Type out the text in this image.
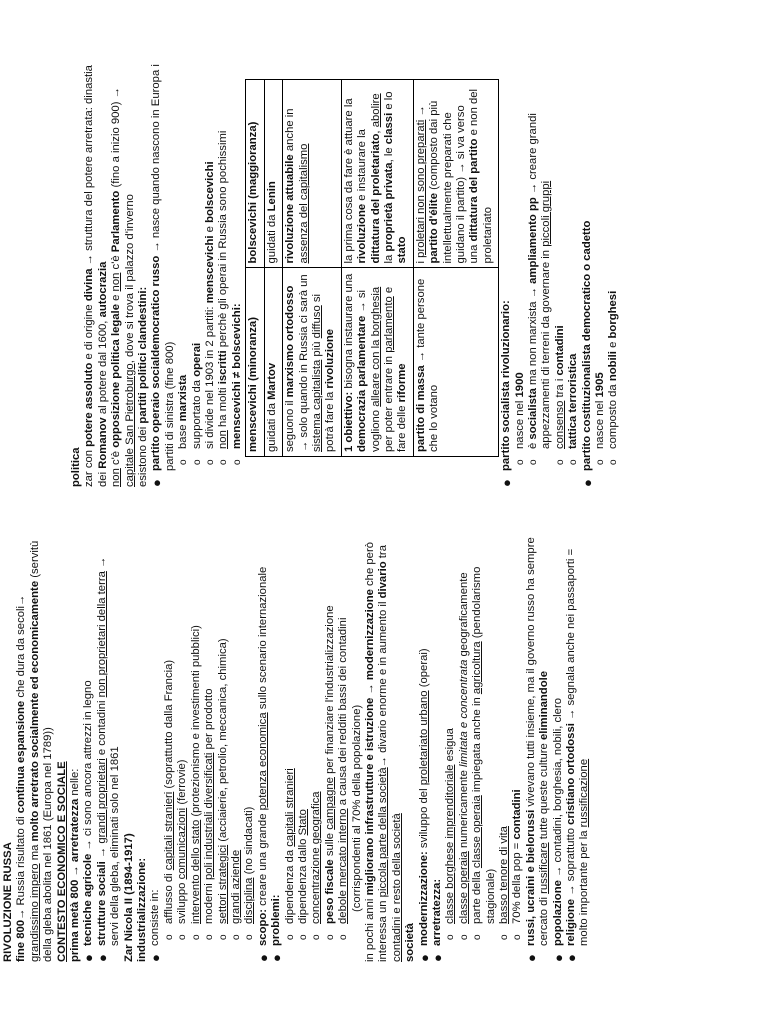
RIVOLUZIONE RUSSA fine 800→ Russia risultato di continua espansione che dura da secoli→ grandissimo impero ma molto arretrato socialmente ed economicamente (servitù della gleba abolita nel 1861 (Europa nel 1789)) CONTESTO ECONOMICO E SOCIALE prima metà 800 → arretratezza nelle:

●
tecniche agricole → ci sono ancora attrezzi in legno
●
strutture sociali → grandi proprietari e contadini non proprietari della terra → servi della gleba, eliminati solo nel 1861 Zar Nicola II (1894-1917) industrializzazione: ●
consiste in: o
afflusso di capitali stranieri (soprattutto dalla Francia)
o
sviluppo comunicazioni (ferrovie)
o
intervento dello stato (protezionismo e investimenti pubblici)
o
moderni poli industriali diversificati per prodotto
o
settori strategici (acciaierie, petrolio, meccanica, chimica)
o
grandi aziende
o
disciplina (no sindacati)
●
scopo: creare una grande potenza economica sullo scenario internazionale
●
problemi: o
dipendenza da capitali stranieri
o
dipendenza dallo Stato
o
concentrazione geografica
o
peso fiscale sulle campagne per finanziare l'industrializzazione
o
debole mercato interno a causa dei redditi bassi dei contadini (corrispondenti al 70% della popolazione)

in pochi anni migliorano infrastrutture e istruzione → modernizzazione che però interessa un piccola parte della società→ divario enorme e in aumento il divario tra contadini e resto della società società ●
modernizzazione: sviluppo del proletariato urbano (operai)
●
arretratezza: o
classe borghese imprenditoriale esigua
o
classe operaia numericamente limitata e concentrata geograficamente
o
parte della classe operaia impiegata anche in agricoltura (pendolarismo stagionale)
o
basso tenore di vita
o
70% della pop = contadini
●
russi, ucraini e bielorussi vivevano tutti insieme, ma il governo russo ha sempre cercato di russificare tutte queste culture eliminandole
●
popolazione → contadini, borghesia, nobili, clero
●
religione → soprattutto cristiano ortodossi → segnala anche nei passaporti = molto importante per la russificazione

politica zar con potere assoluto e di origine divina → struttura del potere arretrata: dinastia dei Romanov al potere dal 1600, autocrazia

non c'è opposizione politica legale e non c'è Parlamento (fino a inizio 900) → capitale San Pietroburgo, dove si trova il palazzo d'inverno

esistono dei partiti politici clandestini:

●
partito operaio socialdemocratico russo → nasce quando nascono in Europa i partiti di sinistra (fine 800) o
base marxista
o
supportato da operai
o
si divide nel 1903 in 2 partiti: menscevichi e bolscevichi
o
non ha molti iscritti perchè gli operai in Russia sono pochissimi
o
menscevichi ≠ bolscevichi: menscevichi (minoranza)	bolscevichi (maggioranza)
guidati da Martov	guidati da Lenin
seguono il marxismo ortodosso → solo quando in Russia ci sarà un sistema capitalista più diffuso si potrà fare la rivoluzione	rivoluzione attuabile anche in assenza del capitalismo
1 obiettivo: bisogna instaurare una democrazia parlamentare → si vogliono alleare con la borghesia per poter entrare in parlamento e fare delle riforme	la prima cosa da fare è attuare la rivoluzione e instaurare la dittatura del proletariato, abolire la proprietà privata, le classi e lo stato
partito di massa → tante persone che lo votano	i proletari non sono preparati → partito d'élite (composto dai più intellettualmente preparati che guidano il partito) → si va verso una dittatura del partito e non del proletariato
●
partito socialista rivoluzionario: o
nasce nel 1900
o
è socialista ma non marxista → ampliamento pp → creare grandi appezzamenti di terreni da governare in piccoli gruppi
o
consenso tra i contadini
o
tattica terroristica
●
partito costituzionalista democratico o cadetto o
nasce nel 1905
o
composto da nobili e borghesi
